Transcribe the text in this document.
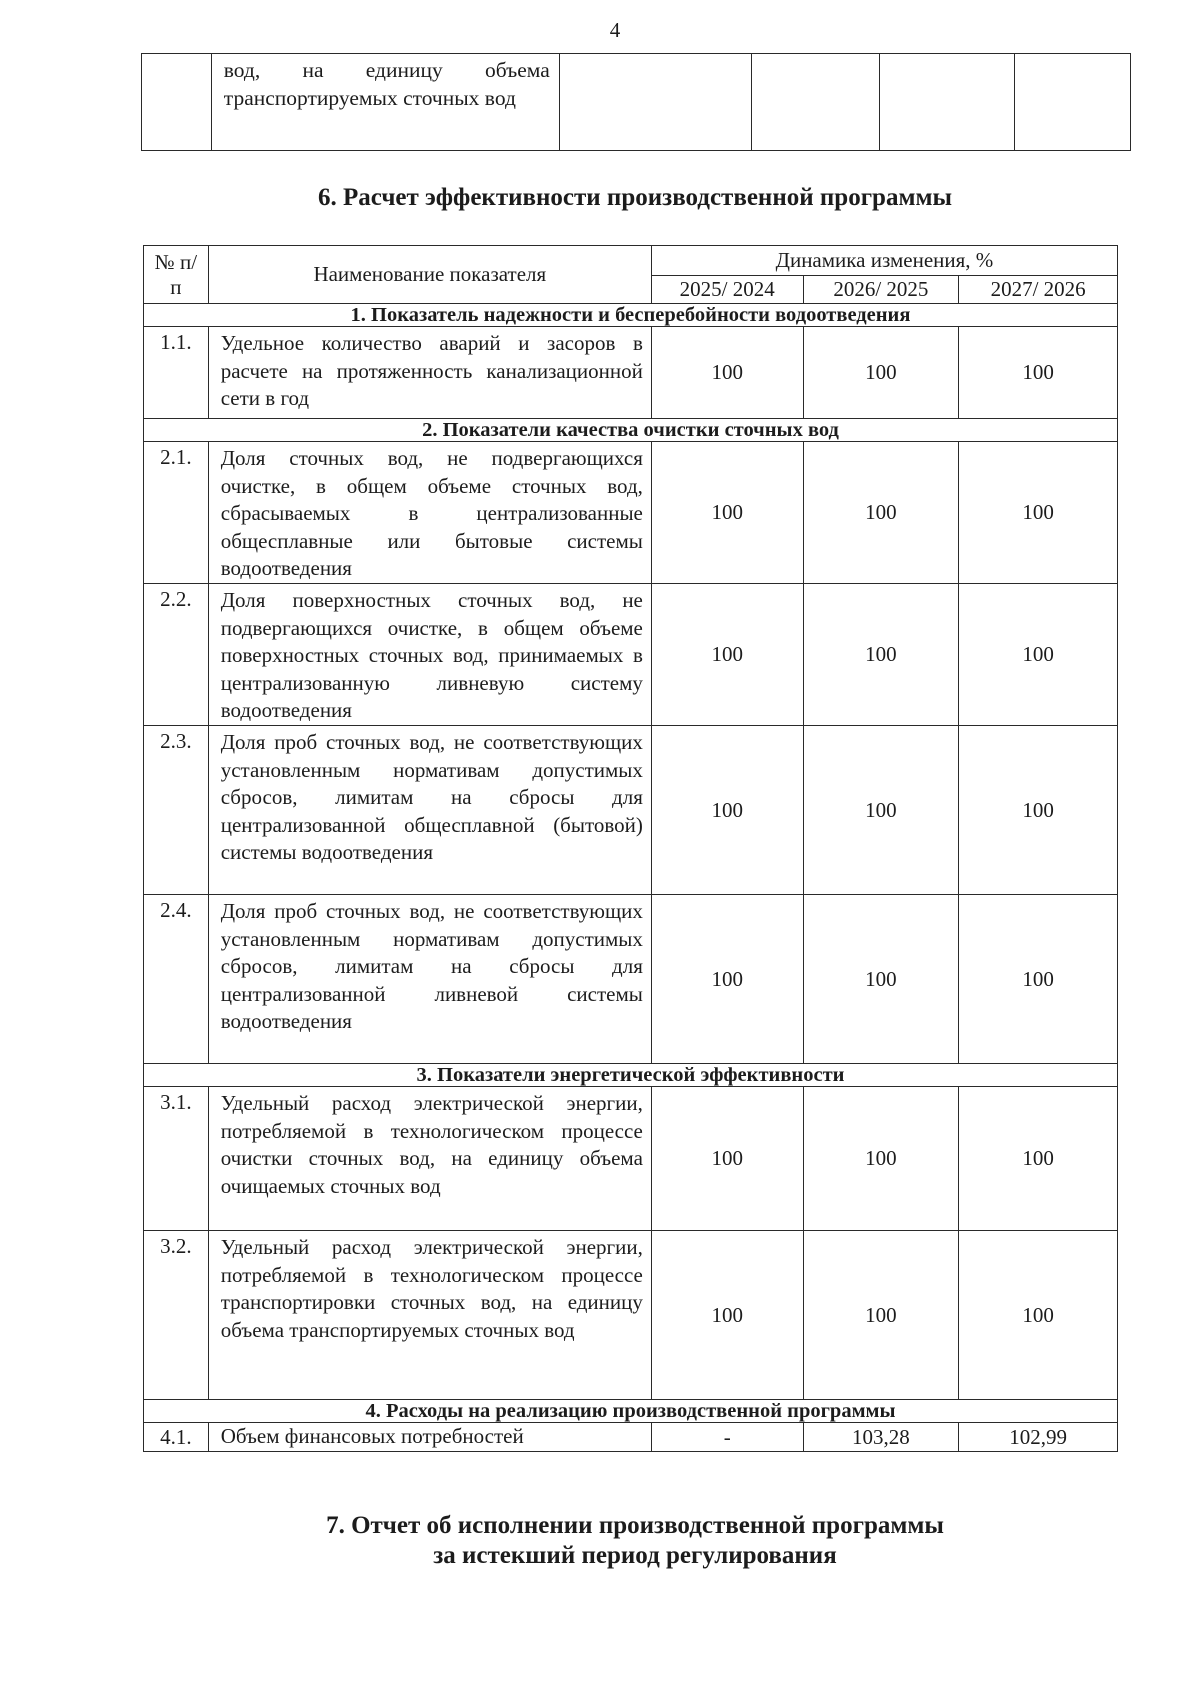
4
	вод, на единицу объема транспортируемых сточных вод				
6. Расчет эффективности производственной программы
№ п/п	Наименование показателя	Динамика изменения, %		
		2025/ 2024	2026/ 2025	2027/ 2026
1. Показатель надежности и бесперебойности водоотведения				
1.1.	Удельное количество аварий и засоров в расчете на протяженность канализационной сети в год	100	100	100
2. Показатели качества очистки сточных вод				
2.1.	Доля сточных вод, не подвергающихся очистке, в общем объеме сточных вод, сбрасываемых в централизованные общесплавные или бытовые системы водоотведения	100	100	100
2.2.	Доля поверхностных сточных вод, не подвергающихся очистке, в общем объеме поверхностных сточных вод, принимаемых в централизованную ливневую систему водоотведения	100	100	100
2.3.	Доля проб сточных вод, не соответствующих установленным нормативам допустимых сбросов, лимитам на сбросы для централизованной общесплавной (бытовой) системы водоотведения	100	100	100
2.4.	Доля проб сточных вод, не соответствующих установленным нормативам допустимых сбросов, лимитам на сбросы для централизованной ливневой системы водоотведения	100	100	100
3. Показатели энергетической эффективности				
3.1.	Удельный расход электрической энергии, потребляемой в технологическом процессе очистки сточных вод, на единицу объема очищаемых сточных вод	100	100	100
3.2.	Удельный расход электрической энергии, потребляемой в технологическом процессе транспортировки сточных вод, на единицу объема транспортируемых сточных вод	100	100	100
4. Расходы на реализацию производственной программы				
4.1.	Объем финансовых потребностей	-	103,28	102,99
7. Отчет об исполнении производственной программы
за истекший период регулирования
